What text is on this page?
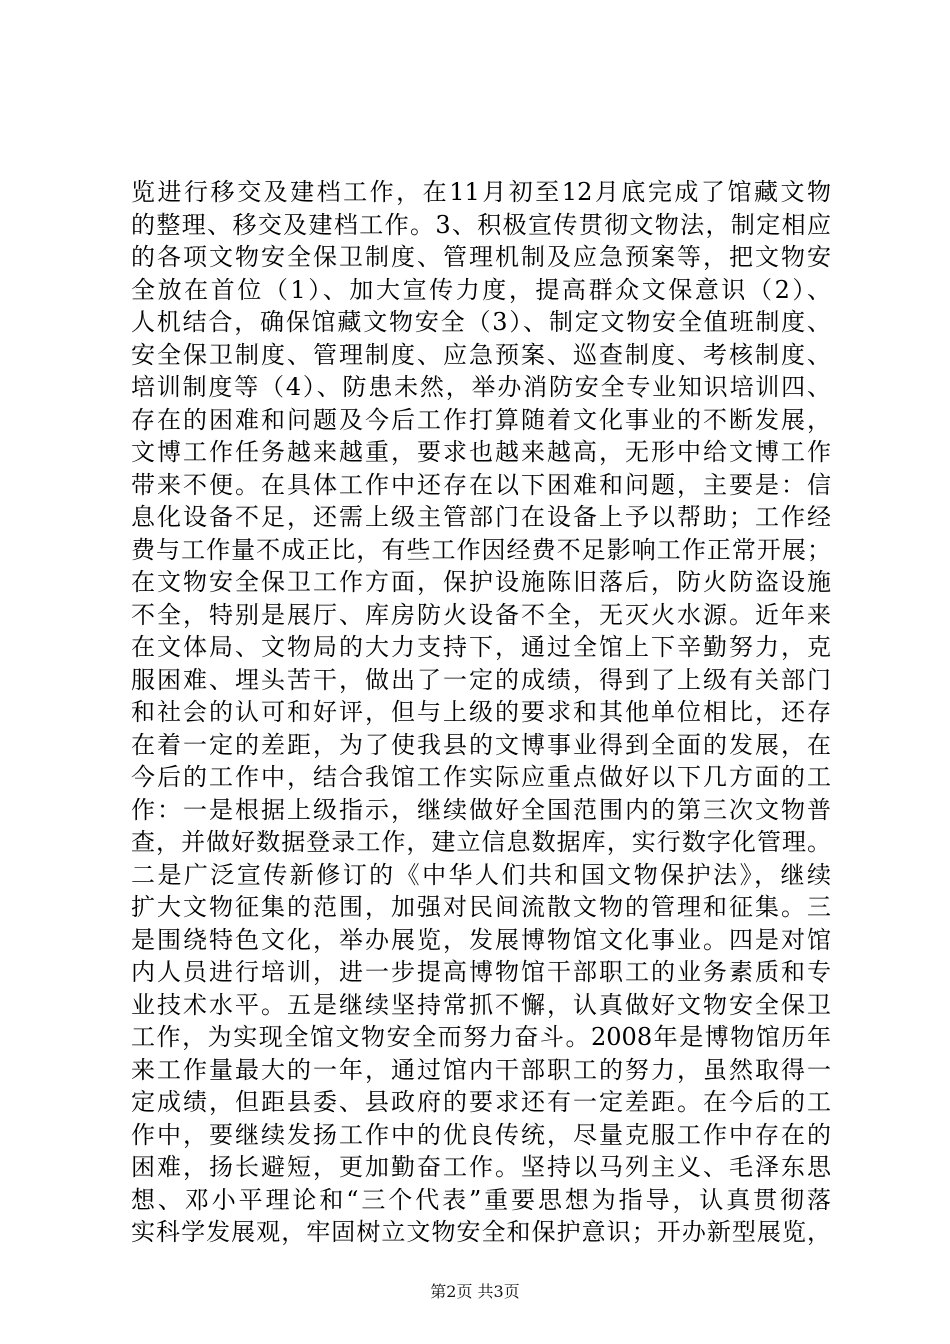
览进行移交及建档工作，在11月初至12月底完成了馆藏文物
的整理、移交及建档工作。3、积极宣传贯彻文物法，制定相应
的各项文物安全保卫制度、管理机制及应急预案等，把文物安
全放在首位（1）、加大宣传力度，提高群众文保意识（2）、
人机结合，确保馆藏文物安全（3）、制定文物安全值班制度、
安全保卫制度、管理制度、应急预案、巡查制度、考核制度、
培训制度等（4）、防患未然，举办消防安全专业知识培训四、
存在的困难和问题及今后工作打算随着文化事业的不断发展，
文博工作任务越来越重，要求也越来越高，无形中给文博工作
带来不便。在具体工作中还存在以下困难和问题，主要是：信
息化设备不足，还需上级主管部门在设备上予以帮助；工作经
费与工作量不成正比，有些工作因经费不足影响工作正常开展；
在文物安全保卫工作方面，保护设施陈旧落后，防火防盗设施
不全，特别是展厅、库房防火设备不全，无灭火水源。近年来
在文体局、文物局的大力支持下，通过全馆上下辛勤努力，克
服困难、埋头苦干，做出了一定的成绩，得到了上级有关部门
和社会的认可和好评，但与上级的要求和其他单位相比，还存
在着一定的差距，为了使我县的文博事业得到全面的发展，在
今后的工作中，结合我馆工作实际应重点做好以下几方面的工
作：一是根据上级指示，继续做好全国范围内的第三次文物普
查，并做好数据登录工作，建立信息数据库，实行数字化管理。
二是广泛宣传新修订的《中华人们共和国文物保护法》，继续
扩大文物征集的范围，加强对民间流散文物的管理和征集。三
是围绕特色文化，举办展览，发展博物馆文化事业。四是对馆
内人员进行培训，进一步提高博物馆干部职工的业务素质和专
业技术水平。五是继续坚持常抓不懈，认真做好文物安全保卫
工作，为实现全馆文物安全而努力奋斗。2008年是博物馆历年
来工作量最大的一年，通过馆内干部职工的努力，虽然取得一
定成绩，但距县委、县政府的要求还有一定差距。在今后的工
作中，要继续发扬工作中的优良传统，尽量克服工作中存在的
困难，扬长避短，更加勤奋工作。坚持以马列主义、毛泽东思
想、邓小平理论和“三个代表”重要思想为指导，认真贯彻落
实科学发展观，牢固树立文物安全和保护意识；开办新型展览，
第2页 共3页
